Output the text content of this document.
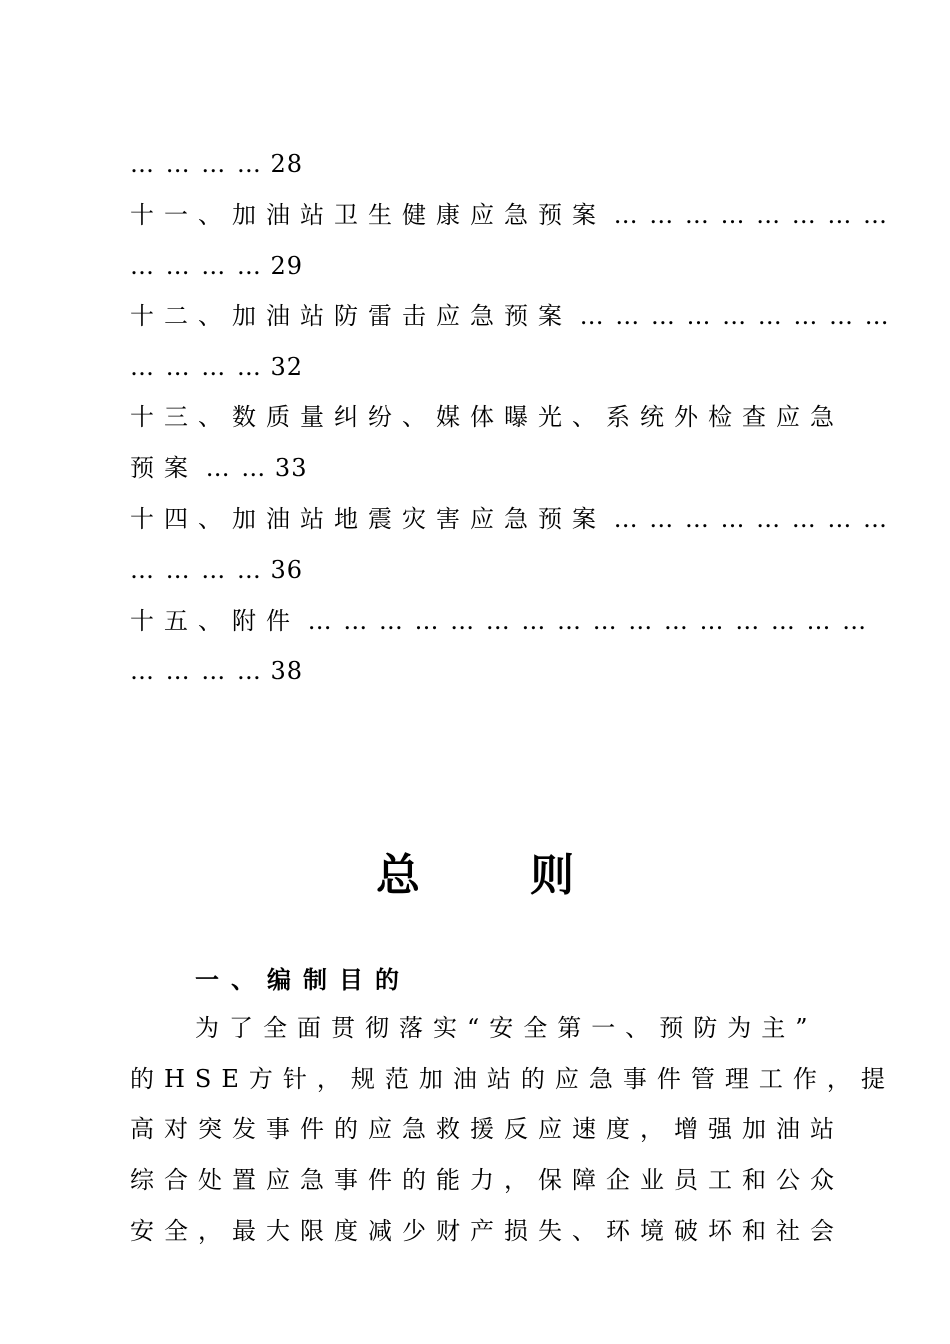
… … … … 28
十一、加油站卫生健康应急预案 … … … … … … … …
… … … … 29
十二、加油站防雷击应急预案 … … … … … … … … …
… … … … 32
十三、数质量纠纷、媒体曝光、系统外检查应急
预案 … … 33
十四、加油站地震灾害应急预案 … … … … … … … …
… … … … 36
十五、附件 … … … … … … … … … … … … … … … …
… … … … 38
总	则
一、编制目的
为了全面贯彻落实“安全第一、预防为主”
的HSE方针，规范加油站的应急事件管理工作，提
高对突发事件的应急救援反应速度，增强加油站
综合处置应急事件的能力，保障企业员工和公众
安全，最大限度减少财产损失、环境破坏和社会
